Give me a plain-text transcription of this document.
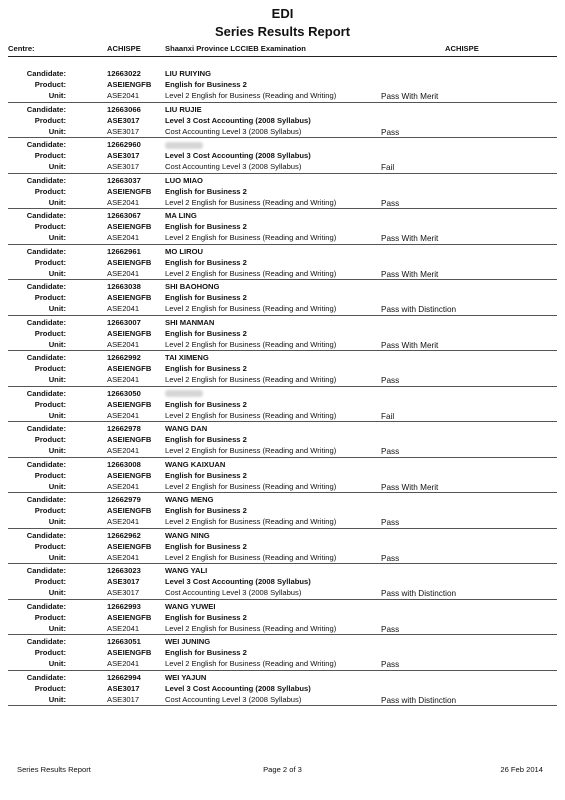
EDI
Series Results Report
Centre:	ACHISPE	Shaanxi Province LCCIEB Examination	ACHISPE
Candidate:	12663022	LIU RUIYING
Product:	ASEIENGFB English for Business 2
Unit:	ASE2041	Level 2 English for Business (Reading and Writing)	Pass With Merit
Candidate:	12663066	LIU RUJIE
Product:	ASE3017	Level 3 Cost Accounting (2008 Syllabus)
Unit:	ASE3017	Cost Accounting Level 3 (2008 Syllabus)	Pass
Candidate:	12662960
Product:	ASE3017	Level 3 Cost Accounting (2008 Syllabus)
Unit:	ASE3017	Cost Accounting Level 3 (2008 Syllabus)	Fail
Candidate:	12663037	LUO MIAO
Product:	ASEIENGFB English for Business 2
Unit:	ASE2041	Level 2 English for Business (Reading and Writing)	Pass
Candidate:	12663067	MA LING
Product:	ASEIENGFB English for Business 2
Unit:	ASE2041	Level 2 English for Business (Reading and Writing)	Pass With Merit
Candidate:	12662961	MO LIROU
Product:	ASEIENGFB English for Business 2
Unit:	ASE2041	Level 2 English for Business (Reading and Writing)	Pass With Merit
Candidate:	12663038	SHI BAOHONG
Product:	ASEIENGFB English for Business 2
Unit:	ASE2041	Level 2 English for Business (Reading and Writing)	Pass with Distinction
Candidate:	12663007	SHI MANMAN
Product:	ASEIENGFB English for Business 2
Unit:	ASE2041	Level 2 English for Business (Reading and Writing)	Pass With Merit
Candidate:	12662992	TAI XIMENG
Product:	ASEIENGFB English for Business 2
Unit:	ASE2041	Level 2 English for Business (Reading and Writing)	Pass
Candidate:	12663050
Product:	ASEIENGFB English for Business 2
Unit:	ASE2041	Level 2 English for Business (Reading and Writing)	Fail
Candidate:	12662978	WANG DAN
Product:	ASEIENGFB English for Business 2
Unit:	ASE2041	Level 2 English for Business (Reading and Writing)	Pass
Candidate:	12663008	WANG KAIXUAN
Product:	ASEIENGFB English for Business 2
Unit:	ASE2041	Level 2 English for Business (Reading and Writing)	Pass With Merit
Candidate:	12662979	WANG MENG
Product:	ASEIENGFB English for Business 2
Unit:	ASE2041	Level 2 English for Business (Reading and Writing)	Pass
Candidate:	12662962	WANG NING
Product:	ASEIENGFB English for Business 2
Unit:	ASE2041	Level 2 English for Business (Reading and Writing)	Pass
Candidate:	12663023	WANG YALI
Product:	ASE3017	Level 3 Cost Accounting (2008 Syllabus)
Unit:	ASE3017	Cost Accounting Level 3 (2008 Syllabus)	Pass with Distinction
Candidate:	12662993	WANG YUWEI
Product:	ASEIENGFB English for Business 2
Unit:	ASE2041	Level 2 English for Business (Reading and Writing)	Pass
Candidate:	12663051	WEI JUNING
Product:	ASEIENGFB English for Business 2
Unit:	ASE2041	Level 2 English for Business (Reading and Writing)	Pass
Candidate:	12662994	WEI YAJUN
Product:	ASE3017	Level 3 Cost Accounting (2008 Syllabus)
Unit:	ASE3017	Cost Accounting Level 3 (2008 Syllabus)	Pass with Distinction
Series Results Report	Page 2 of 3	26 Feb 2014
